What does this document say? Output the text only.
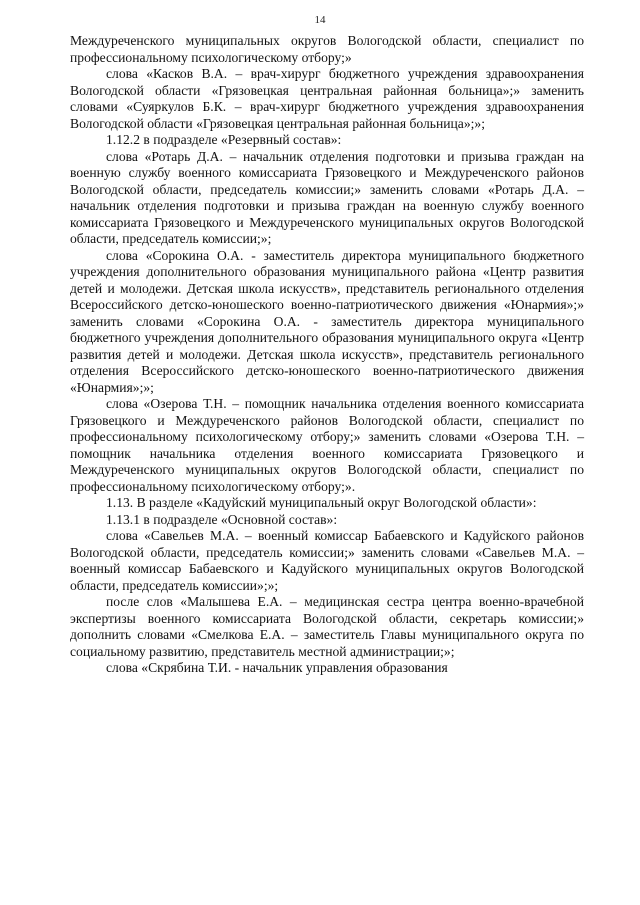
14

Междуреченского муниципальных округов Вологодской области, специалист по профессиональному психологическому отбору;»

слова «Касков В.А. – врач-хирург бюджетного учреждения здравоохранения Вологодской области «Грязовецкая центральная районная больница»;» заменить словами «Суяркулов Б.К. – врач-хирург бюджетного учреждения здравоохранения Вологодской области «Грязовецкая центральная районная больница»;»;

1.12.2 в подразделе «Резервный состав»:

слова «Ротарь Д.А. – начальник отделения подготовки и призыва граждан на военную службу военного комиссариата Грязовецкого и Междуреченского районов Вологодской области, председатель комиссии;» заменить словами «Ротарь Д.А. – начальник отделения подготовки и призыва граждан на военную службу военного комиссариата Грязовецкого и Междуреченского муниципальных округов Вологодской области, председатель комиссии;»;

слова «Сорокина О.А. - заместитель директора муниципального бюджетного учреждения дополнительного образования муниципального района «Центр развития детей и молодежи. Детская школа искусств», представитель регионального отделения Всероссийского детско-юношеского военно-патриотического движения «Юнармия»;» заменить словами «Сорокина О.А. - заместитель директора муниципального бюджетного учреждения дополнительного образования муниципального округа «Центр развития детей и молодежи. Детская школа искусств», представитель регионального отделения Всероссийского детско-юношеского военно-патриотического движения «Юнармия»;»;

слова «Озерова Т.Н. – помощник начальника отделения военного комиссариата Грязовецкого и Междуреченского районов Вологодской области, специалист по профессиональному психологическому отбору;» заменить словами «Озерова Т.Н. – помощник начальника отделения военного комиссариата Грязовецкого и Междуреченского муниципальных округов Вологодской области, специалист по профессиональному психологическому отбору;».

1.13. В разделе «Кадуйский муниципальный округ Вологодской области»:

1.13.1 в подразделе «Основной состав»:

слова «Савельев М.А. – военный комиссар Бабаевского и Кадуйского районов Вологодской области, председатель комиссии;» заменить словами «Савельев М.А. – военный комиссар Бабаевского и Кадуйского муниципальных округов Вологодской области, председатель комиссии»;»;

после слов «Малышева Е.А. – медицинская сестра центра военно-врачебной экспертизы военного комиссариата Вологодской области, секретарь комиссии;» дополнить словами «Смелкова Е.А. – заместитель Главы муниципального округа по социальному развитию, представитель местной администрации;»;

слова «Скрябина Т.И. - начальник управления образования
